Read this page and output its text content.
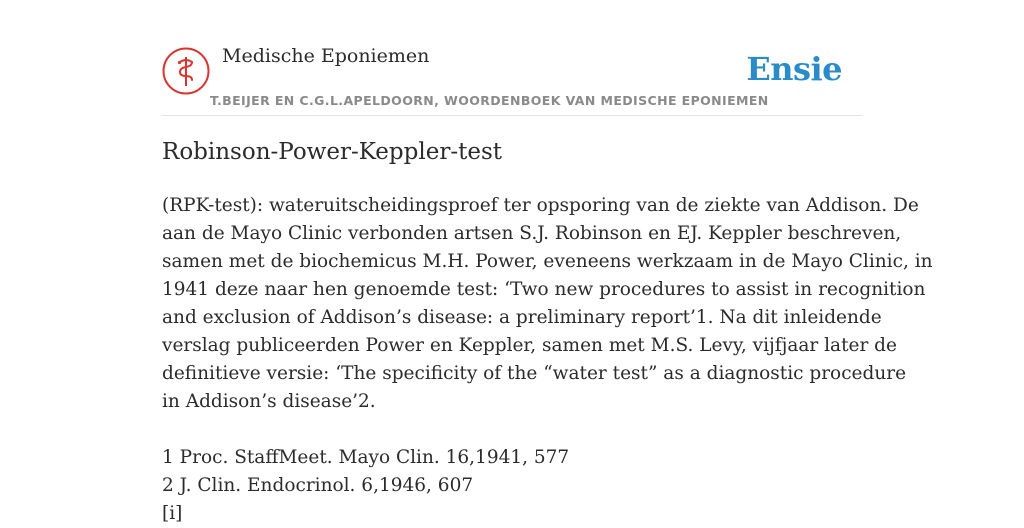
Medische Eponiemen
T.BEIJER EN C.G.L.APELDOORN, WOORDENBOEK VAN MEDISCHE EPONIEMEN
Ensie
Robinson-Power-Keppler-test
(RPK-test): wateruitscheidingsproef ter opsporing van de ziekte van Addison. De
aan de Mayo Clinic verbonden artsen S.J. Robinson en EJ. Keppler beschreven,
samen met de biochemicus M.H. Power, eveneens werkzaam in de Mayo Clinic, in
1941 deze naar hen genoemde test: ‘Two new procedures to assist in recognition
and exclusion of Addison’s disease: a preliminary report’1. Na dit inleidende
verslag publiceerden Power en Keppler, samen met M.S. Levy, vijfjaar later de
definitieve versie: ‘The specificity of the “water test” as a diagnostic procedure
in Addison’s disease’2.
1 Proc. StaffMeet. Mayo Clin. 16,1941, 577
2 J. Clin. Endocrinol. 6,1946, 607
[i]
